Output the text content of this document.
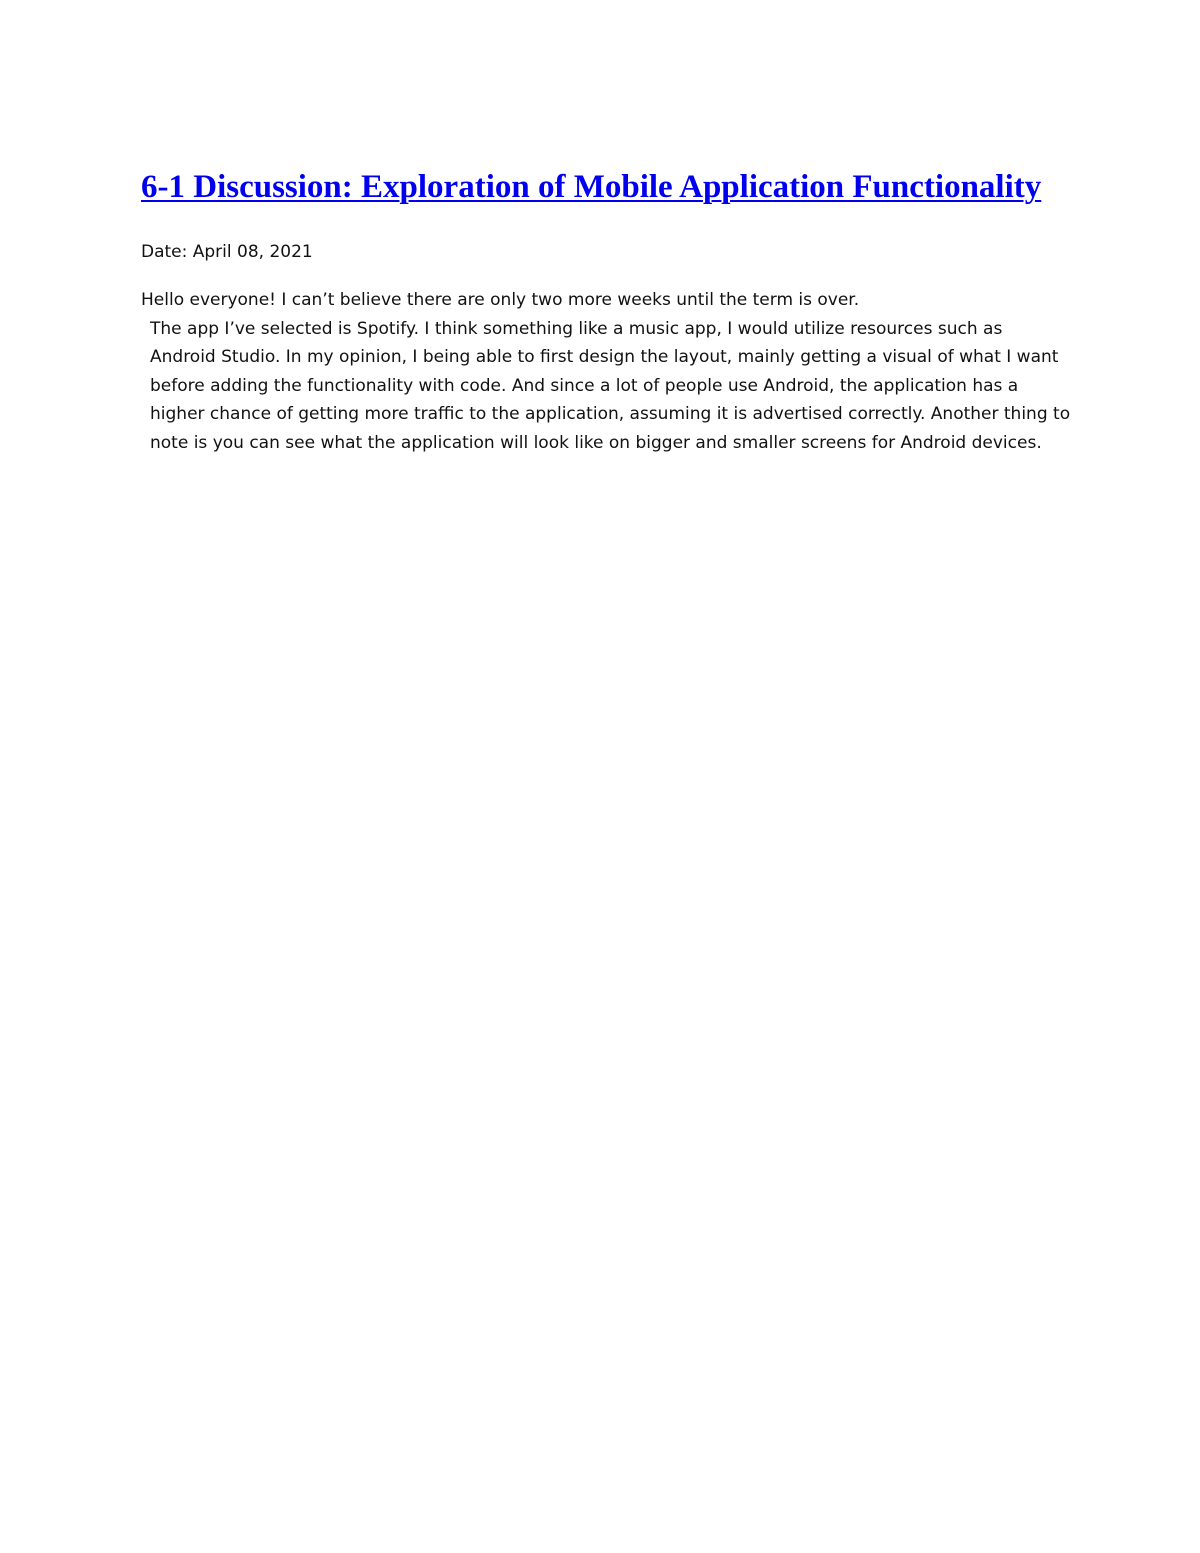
6-1 Discussion: Exploration of Mobile Application Functionality
Date: April 08, 2021

Hello everyone! I can’t believe there are only two more weeks until the term is over.

The app I’ve selected is Spotify. I think something like a music app, I would utilize resources such as Android Studio. In my opinion, I being able to first design the layout, mainly getting a visual of what I want before adding the functionality with code. And since a lot of people use Android, the application has a higher chance of getting more traffic to the application, assuming it is advertised correctly. Another thing to note is you can see what the application will look like on bigger and smaller screens for Android devices.
